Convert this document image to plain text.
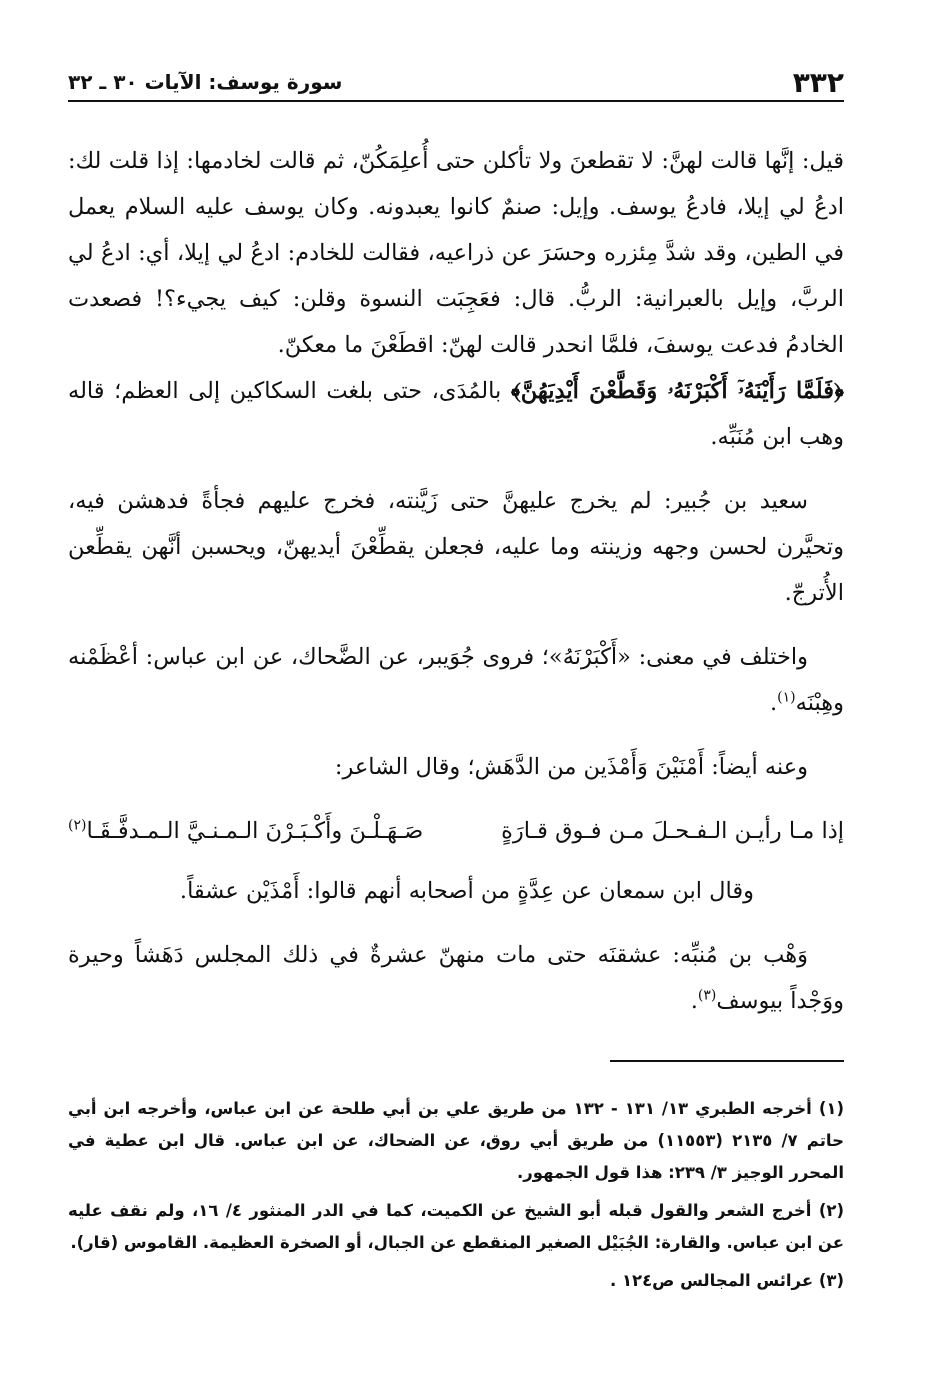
٣٣٢
سورة يوسف: الآيات ٣٠ ـ ٣٢

قيل: إنَّها قالت لهنَّ: لا تقطعنَ ولا تأكلن حتى أُعلِمَكُنّ، ثم قالت لخادمها: إذا قلت لك: ادعُ لي إيلا، فادعُ يوسف. وإيل: صنمٌ كانوا يعبدونه. وكان يوسف عليه السلام يعمل في الطين، وقد شدَّ مِئزره وحسَرَ عن ذراعيه، فقالت للخادم: ادعُ لي إيلا، أي: ادعُ لي الربَّ، وإيل بالعبرانية: الربُّ. قال: فعَجِبَت النسوة وقلن: كيف يجيء؟! فصعدت الخادمُ فدعت يوسفَ، فلمَّا انحدر قالت لهنّ: اقطَعْنَ ما معكنّ.
﴿فَلَمَّا رَأَيْنَهُۥٓ أَكْبَرْنَهُۥ وَقَطَّعْنَ أَيْدِيَهُنَّ﴾ بالمُدَى، حتى بلغت السكاكين إلى العظم؛ قاله وهب ابن مُنَبِّه.

سعيد بن جُبير: لم يخرج عليهنَّ حتى زَيَّنته، فخرج عليهم فجأةً فدهشن فيه، وتحيَّرن لحسن وجهه وزينته وما عليه، فجعلن يقطِّعْنَ أيديهنّ، ويحسبن أنَّهن يقطِّعن الأُترجّ.

واختلف في معنى: «أَكْبَرْنَهُ»؛ فروى جُوَيبر، عن الضَّحاك، عن ابن عباس: أعْظَمْنه وهِبْنَه$^{(١)}$.

وعنه أيضاً: أَمْنَيْنَ وَأَمْذَين من الدَّهَش؛ وقال الشاعر:

إذا مـا رأيـن الـفـحـلَ مـن فـوق قـارَةٍ
صَـهَـلْـنَ وأَكْـبَـرْنَ الـمـنـيَّ الـمـدفَّـقَـا$^{(٢)}$

وقال ابن سمعان عن عِدَّةٍ من أصحابه أنهم قالوا: أَمْذَيْن عشقاً.

وَهْب بن مُنبِّه: عشقنَه حتى مات منهنّ عشرةٌ في ذلك المجلس دَهَشاً وحيرة ووَجْداً بيوسف$^{(٣)}$.

(١) أخرجه الطبري ١٣/ ١٣١ - ١٣٢ من طريق علي بن أبي طلحة عن ابن عباس، وأخرجه ابن أبي حاتم ٧/ ٢١٣٥ (١١٥٥٣) من طريق أبي روق، عن الضحاك، عن ابن عباس. قال ابن عطية في المحرر الوجيز ٣/ ٢٣٩: هذا قول الجمهور.

(٢) أخرج الشعر والقول قبله أبو الشيخ عن الكميت، كما في الدر المنثور ٤/ ١٦، ولم نقف عليه عن ابن عباس. والقارة: الجُبَيْل الصغير المنقطع عن الجبال، أو الصخرة العظيمة. القاموس (قار).

(٣) عرائس المجالس ص١٢٤ .
